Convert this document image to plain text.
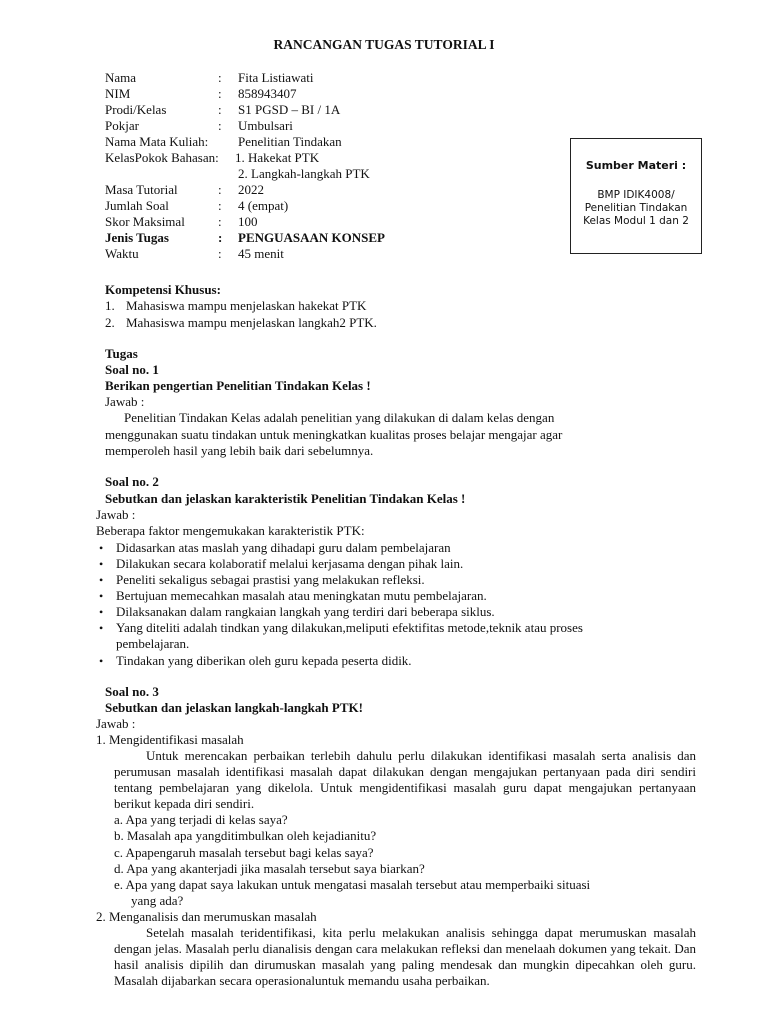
RANCANGAN TUGAS TUTORIAL I
Nama	: Fita Listiawati
NIM	: 858943407
Prodi/Kelas	: S1 PGSD – BI / 1A
Pokjar	: Umbulsari
Nama Mata Kuliah: Penelitian Tindakan
KelasPokok Bahasan: 1. Hakekat PTK
2. Langkah-langkah PTK
Masa Tutorial	: 2022
Jumlah Soal	: 4 (empat)
Skor Maksimal	: 100
Jenis Tugas	: PENGUASAAN KONSEP
Waktu	: 45 menit
Sumber Materi :
BMP IDIK4008/ Penelitian Tindakan Kelas Modul 1 dan 2
Kompetensi Khusus:
1. Mahasiswa mampu menjelaskan hakekat PTK
2. Mahasiswa mampu menjelaskan langkah2 PTK.
Tugas
Soal no. 1
Berikan pengertian Penelitian Tindakan Kelas !
Jawab :
Penelitian Tindakan Kelas adalah penelitian yang dilakukan di dalam kelas dengan
menggunakan suatu tindakan untuk meningkatkan kualitas proses belajar mengajar agar
memperoleh hasil yang lebih baik dari sebelumnya.
Soal no. 2
Sebutkan dan jelaskan karakteristik Penelitian Tindakan Kelas !
Jawab :
Beberapa faktor mengemukakan karakteristik PTK:
• Didasarkan atas maslah yang dihadapi guru dalam pembelajaran
• Dilakukan secara kolaboratif melalui kerjasama dengan pihak lain.
• Peneliti sekaligus sebagai prastisi yang melakukan refleksi.
• Bertujuan memecahkan masalah atau meningkatan mutu pembelajaran.
• Dilaksanakan dalam rangkaian langkah yang terdiri dari beberapa siklus.
• Yang diteliti adalah tindkan yang dilakukan,meliputi efektifitas metode,teknik atau proses
pembelajaran.
• Tindakan yang diberikan oleh guru kepada peserta didik.
Soal no. 3
Sebutkan dan jelaskan langkah-langkah PTK!
Jawab :
1. Mengidentifikasi masalah
Untuk merencakan perbaikan terlebih dahulu perlu dilakukan identifikasi masalah serta analisis dan perumusan masalah identifikasi masalah dapat dilakukan dengan mengajukan pertanyaan pada diri sendiri tentang pembelajaran yang dikelola. Untuk mengidentifikasi masalah guru dapat mengajukan pertanyaan berikut kepada diri sendiri.
a. Apa yang terjadi di kelas saya?
b. Masalah apa yangditimbulkan oleh kejadianitu?
c. Apapengaruh masalah tersebut bagi kelas saya?
d. Apa yang akanterjadi jika masalah tersebut saya biarkan?
e. Apa yang dapat saya lakukan untuk mengatasi masalah tersebut atau memperbaiki situasi
yang ada?
2. Menganalisis dan merumuskan masalah
Setelah masalah teridentifikasi, kita perlu melakukan analisis sehingga dapat merumuskan masalah dengan jelas. Masalah perlu dianalisis dengan cara melakukan refleksi dan menelaah dokumen yang tekait. Dan hasil analisis dipilih dan dirumuskan masalah yang paling mendesak dan mungkin dipecahkan oleh guru. Masalah dijabarkan secara operasionaluntuk memandu usaha perbaikan.
